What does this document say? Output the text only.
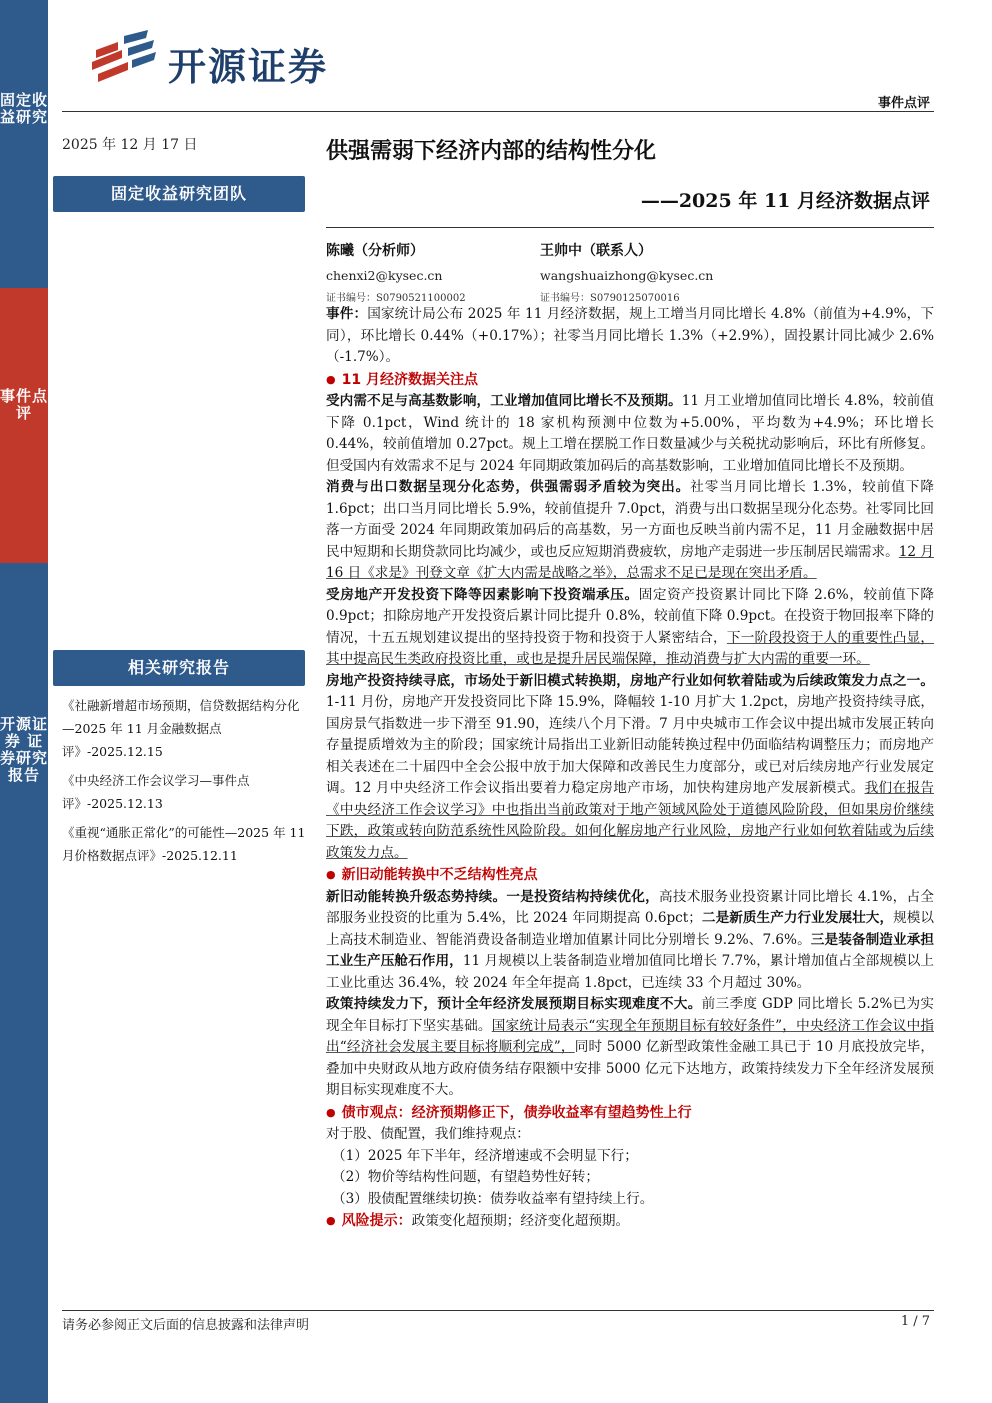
固定收益研究
事件点评
开源证券 证券研究报告
开源证券
事件点评
2025 年 12 月 17 日
固定收益研究团队
相关研究报告
《社融新增超市场预期，信贷数据结构分化—2025 年 11 月金融数据点评》-2025.12.15
《中央经济工作会议学习—事件点评》-2025.12.13
《重视“通胀正常化”的可能性—2025 年 11 月价格数据点评》-2025.12.11
供强需弱下经济内部的结构性分化
——2025 年 11 月经济数据点评
陈曦（分析师）
chenxi2@kysec.cn
证书编号：S0790521100002
王帅中（联系人）
wangshuaizhong@kysec.cn
证书编号：S0790125070016
事件：国家统计局公布 2025 年 11 月经济数据，规上工增当月同比增长 4.8%（前值为+4.9%，下同），环比增长 0.44%（+0.17%）；社零当月同比增长 1.3%（+2.9%），固投累计同比减少 2.6%（-1.7%）。
● 11 月经济数据关注点
受内需不足与高基数影响，工业增加值同比增长不及预期。11 月工业增加值同比增长 4.8%，较前值下降 0.1pct，Wind 统计的 18 家机构预测中位数为+5.00%，平均数为+4.9%；环比增长 0.44%，较前值增加 0.27pct。规上工增在摆脱工作日数量减少与关税扰动影响后，环比有所修复。但受国内有效需求不足与 2024 年同期政策加码后的高基数影响，工业增加值同比增长不及预期。
消费与出口数据呈现分化态势，供强需弱矛盾较为突出。社零当月同比增长 1.3%，较前值下降 1.6pct；出口当月同比增长 5.9%，较前值提升 7.0pct，消费与出口数据呈现分化态势。社零同比回落一方面受 2024 年同期政策加码后的高基数，另一方面也反映当前内需不足，11 月金融数据中居民中短期和长期贷款同比均减少，或也反应短期消费疲软，房地产走弱进一步压制居民端需求。12 月 16 日《求是》刊登文章《扩大内需是战略之举》，总需求不足已是现在突出矛盾。
受房地产开发投资下降等因素影响下投资端承压。固定资产投资累计同比下降 2.6%，较前值下降 0.9pct；扣除房地产开发投资后累计同比提升 0.8%，较前值下降 0.9pct。在投资于物回报率下降的情况，十五五规划建议提出的坚持投资于物和投资于人紧密结合，下一阶段投资于人的重要性凸显，其中提高民生类政府投资比重，或也是提升居民端保障，推动消费与扩大内需的重要一环。
房地产投资持续寻底，市场处于新旧模式转换期，房地产行业如何软着陆或为后续政策发力点之一。1-11 月份，房地产开发投资同比下降 15.9%，降幅较 1-10 月扩大 1.2pct，房地产投资持续寻底，国房景气指数进一步下滑至 91.90，连续八个月下滑。7 月中央城市工作会议中提出城市发展正转向存量提质增效为主的阶段；国家统计局指出工业新旧动能转换过程中仍面临结构调整压力；而房地产相关表述在二十届四中全会公报中放于加大保障和改善民生力度部分，或已对后续房地产行业发展定调。12 月中央经济工作会议指出要着力稳定房地产市场，加快构建房地产发展新模式。我们在报告《中央经济工作会议学习》中也指出当前政策对于地产领域风险处于道德风险阶段，但如果房价继续下跌，政策或转向防范系统性风险阶段。如何化解房地产行业风险，房地产行业如何软着陆或为后续政策发力点。
● 新旧动能转换中不乏结构性亮点
新旧动能转换升级态势持续。一是投资结构持续优化，高技术服务业投资累计同比增长 4.1%，占全部服务业投资的比重为 5.4%，比 2024 年同期提高 0.6pct；二是新质生产力行业发展壮大，规模以上高技术制造业、智能消费设备制造业增加值累计同比分别增长 9.2%、7.6%。三是装备制造业承担工业生产压舱石作用，11 月规模以上装备制造业增加值同比增长 7.7%，累计增加值占全部规模以上工业比重达 36.4%，较 2024 年全年提高 1.8pct，已连续 33 个月超过 30%。
政策持续发力下，预计全年经济发展预期目标实现难度不大。前三季度 GDP 同比增长 5.2%已为实现全年目标打下坚实基础。国家统计局表示“实现全年预期目标有较好条件”，中央经济工作会议中指出“经济社会发展主要目标将顺利完成”，同时 5000 亿新型政策性金融工具已于 10 月底投放完毕，叠加中央财政从地方政府债务结存限额中安排 5000 亿元下达地方，政策持续发力下全年经济发展预期目标实现难度不大。
● 债市观点：经济预期修正下，债券收益率有望趋势性上行
对于股、债配置，我们维持观点：
（1）2025 年下半年，经济增速或不会明显下行；
（2）物价等结构性问题，有望趋势性好转；
（3）股债配置继续切换：债券收益率有望持续上行。
● 风险提示：政策变化超预期；经济变化超预期。
请务必参阅正文后面的信息披露和法律声明	1 / 7
